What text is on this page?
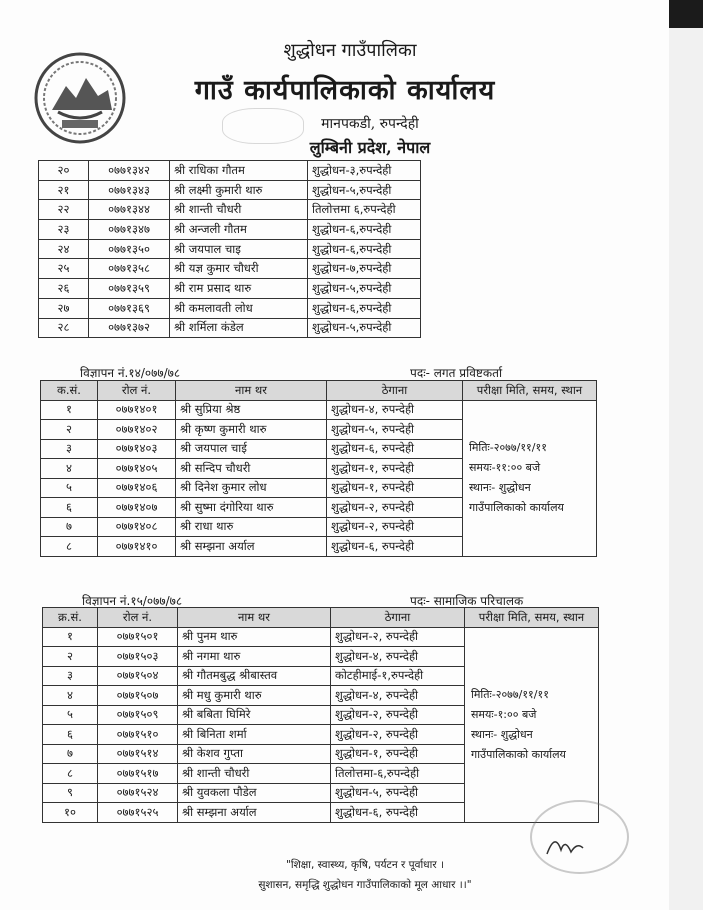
शुद्धोधन गाउँपालिका
गाउँ कार्यपालिकाको कार्यालय
मानपकडी, रुपन्देही
लुम्बिनी प्रदेश, नेपाल
२०	०७७१३४२	श्री राधिका गौतम	शुद्धोधन-३,रुपन्देही
२१	०७७१३४३	श्री लक्ष्मी कुमारी थारु	शुद्धोधन-५,रुपन्देही
२२	०७७१३४४	श्री शान्ती चौधरी	तिलोत्तमा ६,रुपन्देही
२३	०७७१३४७	श्री अन्जली गौतम	शुद्धोधन-६,रुपन्देही
२४	०७७१३५०	श्री जयपाल चाइ	शुद्धोधन-६,रुपन्देही
२५	०७७१३५८	श्री यज्ञ कुमार चौधरी	शुद्धोधन-७,रुपन्देही
२६	०७७१३५९	श्री राम प्रसाद थारु	शुद्धोधन-५,रुपन्देही
२७	०७७१३६९	श्री कमलावती लोध	शुद्धोधन-६,रुपन्देही
२८	०७७१३७२	श्री शर्मिला कंडेल	शुद्धोधन-५,रुपन्देही
विज्ञापन नं.१४/०७७/७८	पदः- लगत प्रविष्टकर्ता
क.सं.	रोल नं.	नाम थर	ठेगाना	परीक्षा मिति, समय, स्थान
१	०७७१४०१	श्री सुप्रिया श्रेष्ठ	शुद्धोधन-४, रुपन्देही	मितिः-२०७७/११/११
समयः-११:०० बजे
स्थानः- शुद्धोधन
गाउँपालिकाको कार्यालय

२	०७७१४०२	श्री कृष्ण कुमारी थारु	शुद्धोधन-५, रुपन्देही	
३	०७७१४०३	श्री जयपाल चाई	शुद्धोधन-६, रुपन्देही	
४	०७७१४०५	श्री सन्दिप चौधरी	शुद्धोधन-१, रुपन्देही	
५	०७७१४०६	श्री दिनेश कुमार लोध	शुद्धोधन-१, रुपन्देही	
६	०७७१४०७	श्री सुष्मा दंगोरिया थारु	शुद्धोधन-२, रुपन्देही	
७	०७७१४०८	श्री राधा थारु	शुद्धोधन-२, रुपन्देही	
८	०७७१४१०	श्री सम्झना अर्याल	शुद्धोधन-६, रुपन्देही	
विज्ञापन नं.१५/०७७/७८	पदः- सामाजिक परिचालक
क्र.सं.	रोल नं.	नाम थर	ठेगाना	परीक्षा मिति, समय, स्थान
१	०७७१५०१	श्री पुनम थारु	शुद्धोधन-२, रुपन्देही	मितिः-२०७७/११/११
समयः-१:०० बजे
स्थानः- शुद्धोधन
गाउँपालिकाको कार्यालय

२	०७७१५०३	श्री नगमा थारु	शुद्धोधन-४, रुपन्देही	
३	०७७१५०४	श्री गौतमबुद्ध श्रीबास्तव	कोटहीमाई-१,रुपन्देही	
४	०७७१५०७	श्री मधु कुमारी थारु	शुद्धोधन-४, रुपन्देही	
५	०७७१५०९	श्री बबिता घिमिरे	शुद्धोधन-२, रुपन्देही	
६	०७७१५१०	श्री बिनिता शर्मा	शुद्धोधन-२, रुपन्देही	
७	०७७१५१४	श्री केशव गुप्ता	शुद्धोधन-१, रुपन्देही	
८	०७७१५१७	श्री शान्ती चौधरी	तिलोत्तमा-६,रुपन्देही	
९	०७७१५२४	श्री युवकला पौडेल	शुद्धोधन-५, रुपन्देही	
१०	०७७१५२५	श्री सम्झना अर्याल	शुद्धोधन-६, रुपन्देही	
"शिक्षा, स्वास्थ्य, कृषि, पर्यटन र पूर्वाधार ।
सुशासन, समृद्धि शुद्धोधन गाउँपालिकाको मूल आधार ।।"
